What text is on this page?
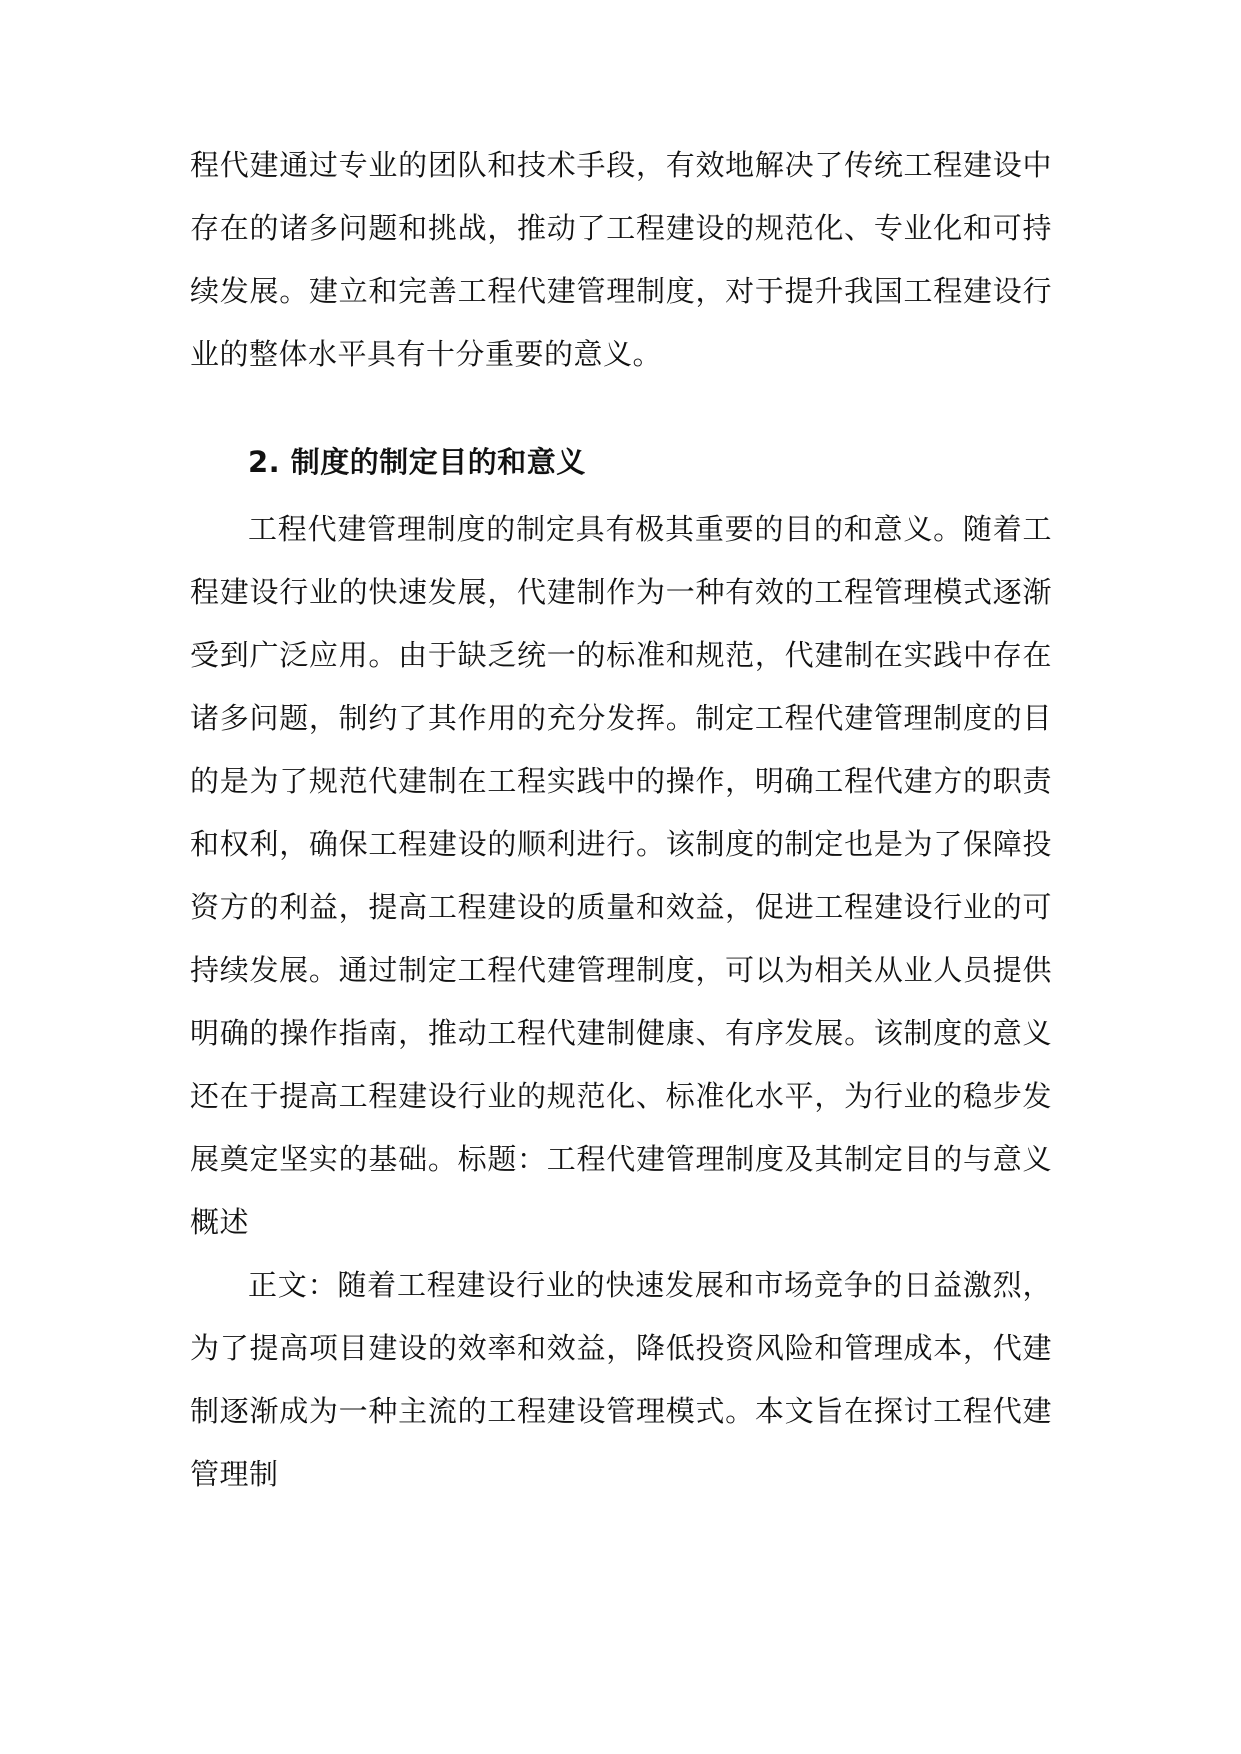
程代建通过专业的团队和技术手段，有效地解决了传统工程建设中存在的诸多问题和挑战，推动了工程建设的规范化、专业化和可持续发展。建立和完善工程代建管理制度，对于提升我国工程建设行业的整体水平具有十分重要的意义。

2. 制度的制定目的和意义

工程代建管理制度的制定具有极其重要的目的和意义。随着工程建设行业的快速发展，代建制作为一种有效的工程管理模式逐渐受到广泛应用。由于缺乏统一的标准和规范，代建制在实践中存在诸多问题，制约了其作用的充分发挥。制定工程代建管理制度的目的是为了规范代建制在工程实践中的操作，明确工程代建方的职责和权利，确保工程建设的顺利进行。该制度的制定也是为了保障投资方的利益，提高工程建设的质量和效益，促进工程建设行业的可持续发展。通过制定工程代建管理制度，可以为相关从业人员提供明确的操作指南，推动工程代建制健康、有序发展。该制度的意义还在于提高工程建设行业的规范化、标准化水平，为行业的稳步发展奠定坚实的基础。标题：工程代建管理制度及其制定目的与意义概述

正文：随着工程建设行业的快速发展和市场竞争的日益激烈，为了提高项目建设的效率和效益，降低投资风险和管理成本，代建制逐渐成为一种主流的工程建设管理模式。本文旨在探讨工程代建管理制
